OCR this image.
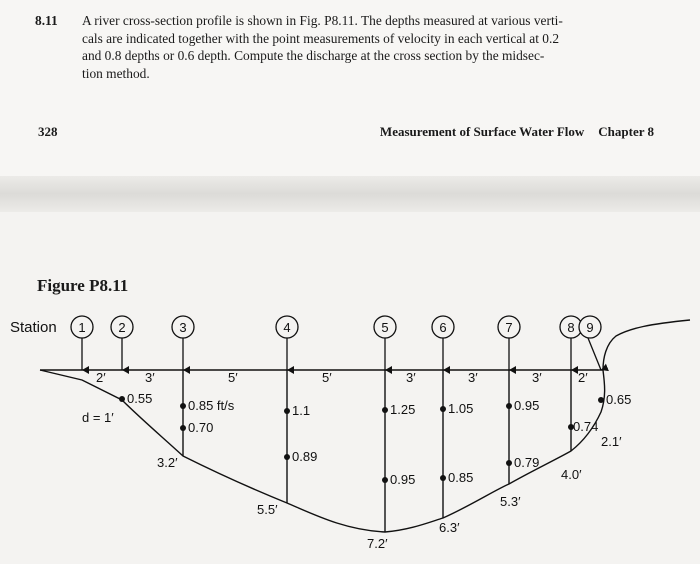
8.11 A river cross-section profile is shown in Fig. P8.11. The depths measured at various verti-
cals are indicated together with the point measurements of velocity in each vertical at 0.2
and 0.8 depths or 0.6 depth. Compute the discharge at the cross section by the midsec-
tion method.
328	Measurement of Surface Water Flow Chapter 8
Figure P8.11
Station 1	2	3	4	5	6	7	8 9
2′	3′	5′	5′	3′	3′	3′	2′
d = 1′
3.2′
5.5′
7.2′
6.3′
5.3′
4.0′
2.1′
0.55	0.85 ft/s
0.70
1.1
0.89
1.25
0.95
1.05
0.85
0.95
0.79
0.74
0.65
